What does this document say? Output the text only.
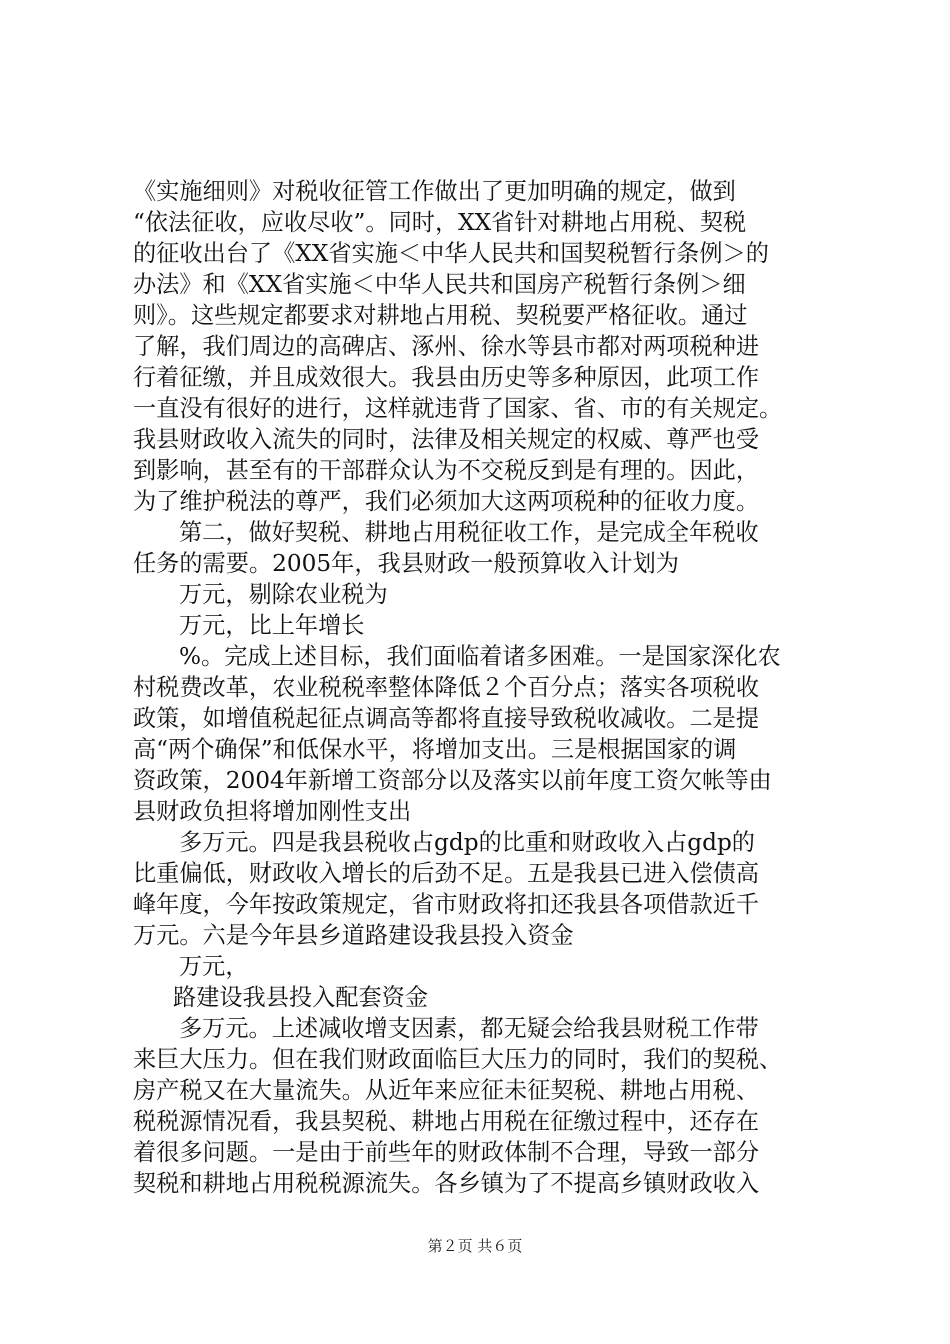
《实施细则》对税收征管工作做出了更加明确的规定，做到
“依法征收，应收尽收”。同时，XX省针对耕地占用税、契税
的征收出台了《XX省实施＜中华人民共和国契税暂行条例＞的
办法》和《XX省实施＜中华人民共和国房产税暂行条例＞细
则》。这些规定都要求对耕地占用税、契税要严格征收。通过
了解，我们周边的高碑店、涿州、徐水等县市都对两项税种进
行着征缴，并且成效很大。我县由历史等多种原因，此项工作
一直没有很好的进行，这样就违背了国家、省、市的有关规定。
我县财政收入流失的同时，法律及相关规定的权威、尊严也受
到影响，甚至有的干部群众认为不交税反到是有理的。因此，
为了维护税法的尊严，我们必须加大这两项税种的征收力度。
第二，做好契税、耕地占用税征收工作，是完成全年税收
任务的需要。2005年，我县财政一般预算收入计划为
万元，剔除农业税为
万元，比上年增长
%。完成上述目标，我们面临着诸多困难。一是国家深化农
村税费改革，农业税税率整体降低２个百分点；落实各项税收
政策，如增值税起征点调高等都将直接导致税收减收。二是提
高“两个确保”和低保水平，将增加支出。三是根据国家的调
资政策，2004年新增工资部分以及落实以前年度工资欠帐等由
县财政负担将增加刚性支出
多万元。四是我县税收占gdp的比重和财政收入占gdp的
比重偏低，财政收入增长的后劲不足。五是我县已进入偿债高
峰年度，今年按政策规定，省市财政将扣还我县各项借款近千
万元。六是今年县乡道路建设我县投入资金
万元，
路建设我县投入配套资金
多万元。上述减收增支因素，都无疑会给我县财税工作带
来巨大压力。但在我们财政面临巨大压力的同时，我们的契税、
房产税又在大量流失。从近年来应征未征契税、耕地占用税、
税税源情况看，我县契税、耕地占用税在征缴过程中，还存在
着很多问题。一是由于前些年的财政体制不合理，导致一部分
契税和耕地占用税税源流失。各乡镇为了不提高乡镇财政收入
第２页 共６页
